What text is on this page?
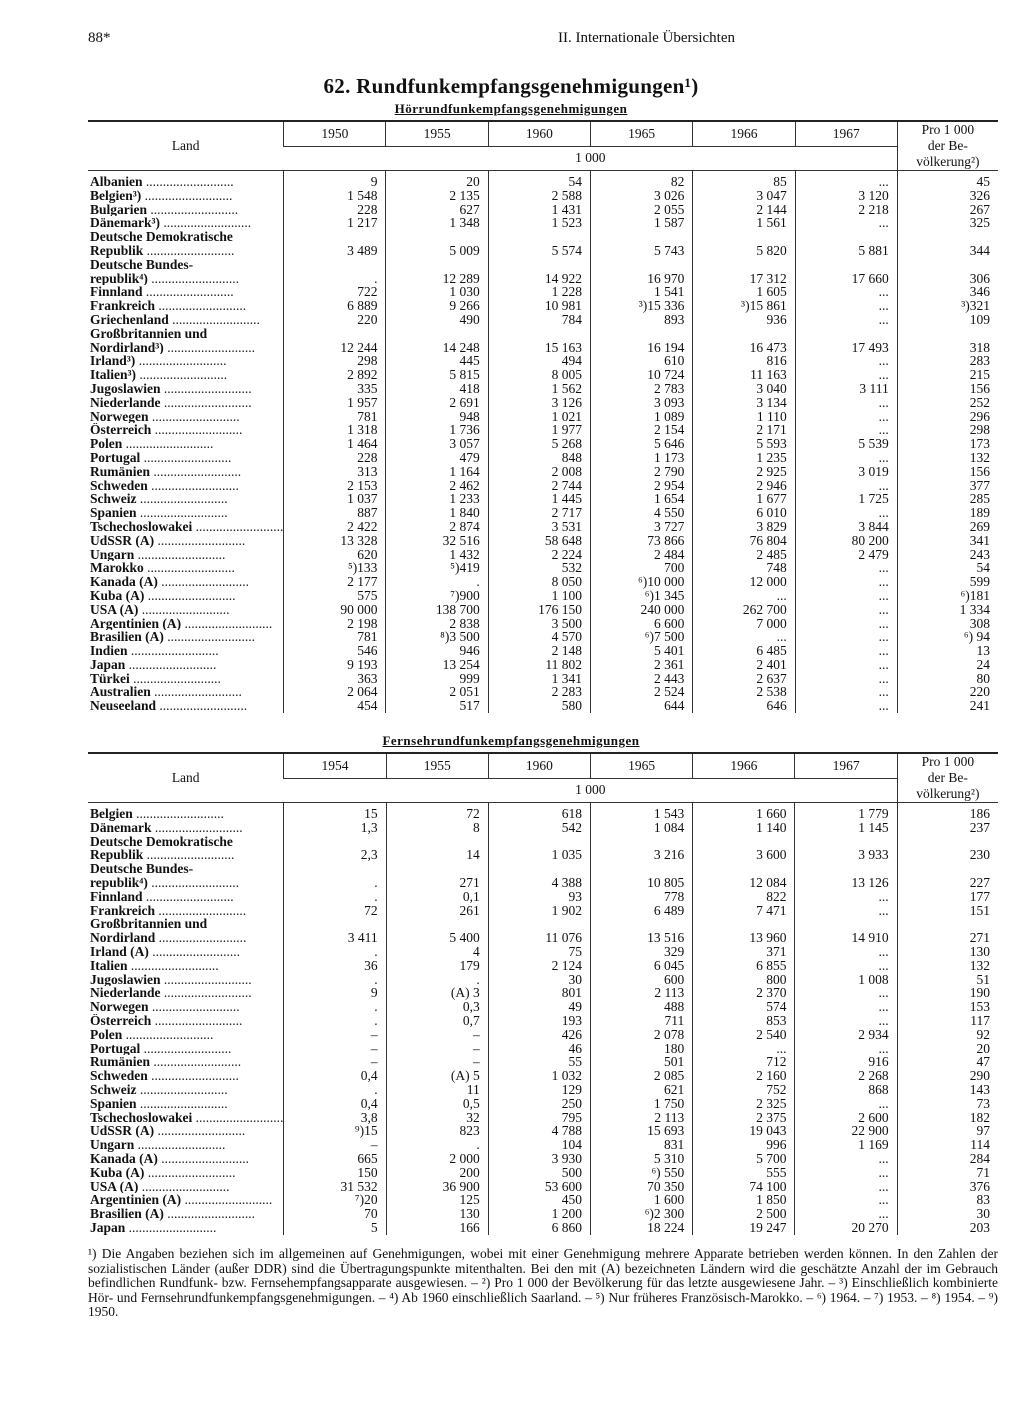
88*	II. Internationale Übersichten
62. Rundfunkempfangsgenehmigungen¹)
Hörrundfunkempfangsgenehmigungen
Land	1950	1955	1960	1965	1966	1967	Pro 1 000
der Be-
völkerung²)
	1 000						
Albanien ..........................	9	20	54	82	85	...	45
Belgien³) ..........................	1 548	2 135	2 588	3 026	3 047	3 120	326
Bulgarien ..........................	228	627	1 431	2 055	2 144	2 218	267
Dänemark³) ..........................	1 217	1 348	1 523	1 587	1 561	...	325
Deutsche Demokratische							
Republik ..........................	3 489	5 009	5 574	5 743	5 820	5 881	344
Deutsche Bundes-							
republik⁴) ..........................	.	12 289	14 922	16 970	17 312	17 660	306
Finnland ..........................	722	1 030	1 228	1 541	1 605	...	346
Frankreich ..........................	6 889	9 266	10 981	³)15 336	³)15 861	...	³)321
Griechenland ..........................	220	490	784	893	936	...	109
Großbritannien und							
Nordirland³) ..........................	12 244	14 248	15 163	16 194	16 473	17 493	318
Irland³) ..........................	298	445	494	610	816	...	283
Italien³) ..........................	2 892	5 815	8 005	10 724	11 163	...	215
Jugoslawien ..........................	335	418	1 562	2 783	3 040	3 111	156
Niederlande ..........................	1 957	2 691	3 126	3 093	3 134	...	252
Norwegen ..........................	781	948	1 021	1 089	1 110	...	296
Österreich ..........................	1 318	1 736	1 977	2 154	2 171	...	298
Polen ..........................	1 464	3 057	5 268	5 646	5 593	5 539	173
Portugal ..........................	228	479	848	1 173	1 235	...	132
Rumänien ..........................	313	1 164	2 008	2 790	2 925	3 019	156
Schweden ..........................	2 153	2 462	2 744	2 954	2 946	...	377
Schweiz ..........................	1 037	1 233	1 445	1 654	1 677	1 725	285
Spanien ..........................	887	1 840	2 717	4 550	6 010	...	189
Tschechoslowakei ..........................	2 422	2 874	3 531	3 727	3 829	3 844	269
UdSSR (A) ..........................	13 328	32 516	58 648	73 866	76 804	80 200	341
Ungarn ..........................	620	1 432	2 224	2 484	2 485	2 479	243
Marokko ..........................	⁵)133	⁵)419	532	700	748	...	54
Kanada (A) ..........................	2 177	.	8 050	⁶)10 000	12 000	...	599
Kuba (A) ..........................	575	⁷)900	1 100	⁶)1 345	...	...	⁶)181
USA (A) ..........................	90 000	138 700	176 150	240 000	262 700	...	1 334
Argentinien (A) ..........................	2 198	2 838	3 500	6 600	7 000	...	308
Brasilien (A) ..........................	781	⁸)3 500	4 570	⁶)7 500	...	...	⁶) 94
Indien ..........................	546	946	2 148	5 401	6 485	...	13
Japan ..........................	9 193	13 254	11 802	2 361	2 401	...	24
Türkei ..........................	363	999	1 341	2 443	2 637	...	80
Australien ..........................	2 064	2 051	2 283	2 524	2 538	...	220
Neuseeland ..........................	454	517	580	644	646	...	241
Fernsehrundfunkempfangsgenehmigungen
Land	1954	1955	1960	1965	1966	1967	Pro 1 000
der Be-
völkerung²)
	1 000						
Belgien ..........................	15	72	618	1 543	1 660	1 779	186
Dänemark ..........................	1,3	8	542	1 084	1 140	1 145	237
Deutsche Demokratische							
Republik ..........................	2,3	14	1 035	3 216	3 600	3 933	230
Deutsche Bundes-							
republik⁴) ..........................	.	271	4 388	10 805	12 084	13 126	227
Finnland ..........................	.	0,1	93	778	822	...	177
Frankreich ..........................	72	261	1 902	6 489	7 471	...	151
Großbritannien und							
Nordirland ..........................	3 411	5 400	11 076	13 516	13 960	14 910	271
Irland (A) ..........................	.	4	75	329	371	...	130
Italien ..........................	36	179	2 124	6 045	6 855	...	132
Jugoslawien ..........................	.	.	30	600	800	1 008	51
Niederlande ..........................	9	(A) 3	801	2 113	2 370	...	190
Norwegen ..........................	.	0,3	49	488	574	...	153
Österreich ..........................	.	0,7	193	711	853	...	117
Polen ..........................	–	–	426	2 078	2 540	2 934	92
Portugal ..........................	–	–	46	180	...	...	20
Rumänien ..........................	–	–	55	501	712	916	47
Schweden ..........................	0,4	(A) 5	1 032	2 085	2 160	2 268	290
Schweiz ..........................	.	11	129	621	752	868	143
Spanien ..........................	0,4	0,5	250	1 750	2 325	...	73
Tschechoslowakei ..........................	3,8	32	795	2 113	2 375	2 600	182
UdSSR (A) ..........................	⁹)15	823	4 788	15 693	19 043	22 900	97
Ungarn ..........................	–	.	104	831	996	1 169	114
Kanada (A) ..........................	665	2 000	3 930	5 310	5 700	...	284
Kuba (A) ..........................	150	200	500	⁶) 550	555	...	71
USA (A) ..........................	31 532	36 900	53 600	70 350	74 100	...	376
Argentinien (A) ..........................	⁷)20	125	450	1 600	1 850	...	83
Brasilien (A) ..........................	70	130	1 200	⁶)2 300	2 500	...	30
Japan ..........................	5	166	6 860	18 224	19 247	20 270	203
¹) Die Angaben beziehen sich im allgemeinen auf Genehmigungen, wobei mit einer Genehmigung mehrere Apparate betrieben werden können. In den Zahlen der sozialistischen Länder (außer DDR) sind die Übertragungspunkte mitenthalten. Bei den mit (A) bezeichneten Ländern wird die geschätzte Anzahl der im Gebrauch befindlichen Rundfunk- bzw. Fernsehempfangsapparate ausgewiesen. – ²) Pro 1 000 der Bevölkerung für das letzte ausgewiesene Jahr. – ³) Einschließlich kombinierte Hör- und Fernsehrundfunkempfangsgenehmigungen. – ⁴) Ab 1960 einschließlich Saarland. – ⁵) Nur früheres Französisch-Marokko. – ⁶) 1964. – ⁷) 1953. – ⁸) 1954. – ⁹) 1950.
